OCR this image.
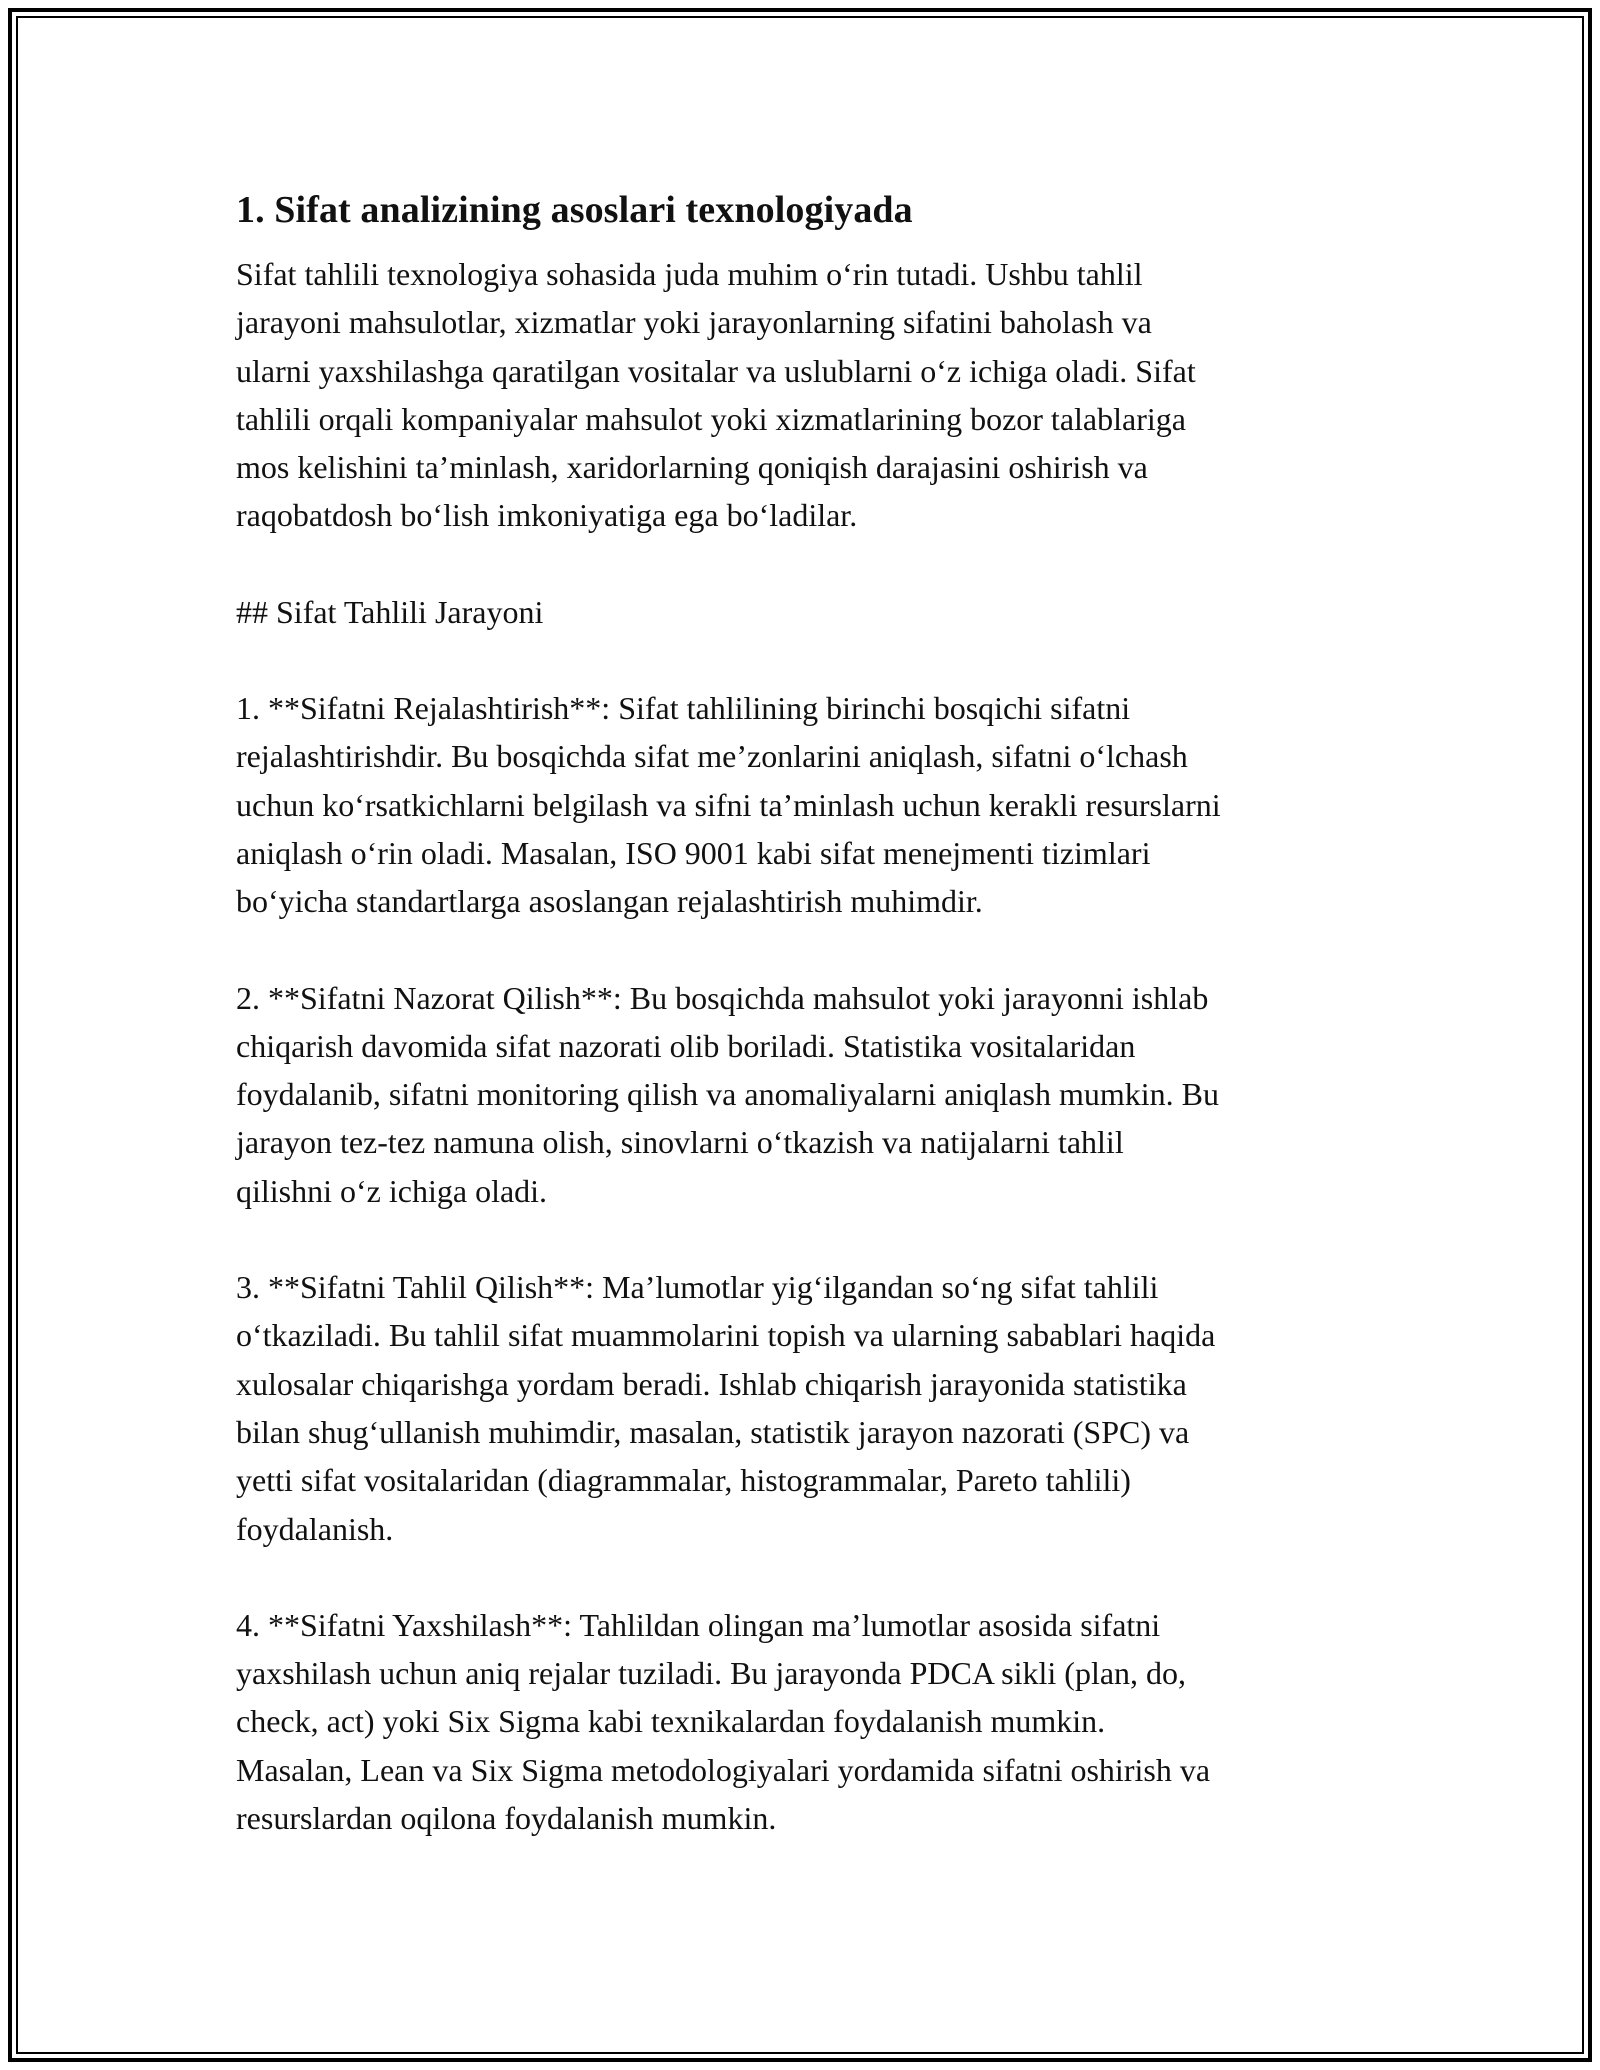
1. Sifat analizining asoslari texnologiyada

Sifat tahlili texnologiya sohasida juda muhim o‘rin tutadi. Ushbu tahlil
jarayoni mahsulotlar, xizmatlar yoki jarayonlarning sifatini baholash va
ularni yaxshilashga qaratilgan vositalar va uslublarni o‘z ichiga oladi. Sifat
tahlili orqali kompaniyalar mahsulot yoki xizmatlarining bozor talablariga
mos kelishini ta’minlash, xaridorlarning qoniqish darajasini oshirish va
raqobatdosh bo‘lish imkoniyatiga ega bo‘ladilar.

## Sifat Tahlili Jarayoni

1. **Sifatni Rejalashtirish**: Sifat tahlilining birinchi bosqichi sifatni
rejalashtirishdir. Bu bosqichda sifat me’zonlarini aniqlash, sifatni o‘lchash
uchun ko‘rsatkichlarni belgilash va sifni ta’minlash uchun kerakli resurslarni
aniqlash o‘rin oladi. Masalan, ISO 9001 kabi sifat menejmenti tizimlari
bo‘yicha standartlarga asoslangan rejalashtirish muhimdir.

2. **Sifatni Nazorat Qilish**: Bu bosqichda mahsulot yoki jarayonni ishlab
chiqarish davomida sifat nazorati olib boriladi. Statistika vositalaridan
foydalanib, sifatni monitoring qilish va anomaliyalarni aniqlash mumkin. Bu
jarayon tez-tez namuna olish, sinovlarni o‘tkazish va natijalarni tahlil
qilishni o‘z ichiga oladi.

3. **Sifatni Tahlil Qilish**: Ma’lumotlar yig‘ilgandan so‘ng sifat tahlili
o‘tkaziladi. Bu tahlil sifat muammolarini topish va ularning sabablari haqida
xulosalar chiqarishga yordam beradi. Ishlab chiqarish jarayonida statistika
bilan shug‘ullanish muhimdir, masalan, statistik jarayon nazorati (SPC) va
yetti sifat vositalaridan (diagrammalar, histogrammalar, Pareto tahlili)
foydalanish.

4. **Sifatni Yaxshilash**: Tahlildan olingan ma’lumotlar asosida sifatni
yaxshilash uchun aniq rejalar tuziladi. Bu jarayonda PDCA sikli (plan, do,
check, act) yoki Six Sigma kabi texnikalardan foydalanish mumkin.
Masalan, Lean va Six Sigma metodologiyalari yordamida sifatni oshirish va
resurslardan oqilona foydalanish mumkin.
